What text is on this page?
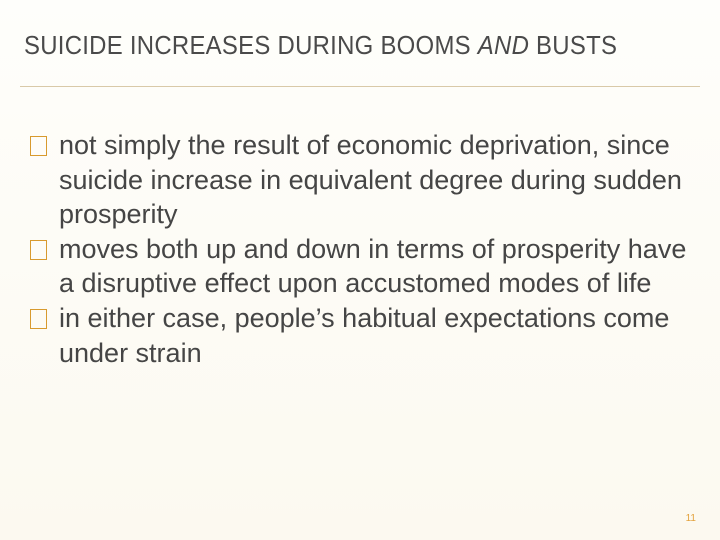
SUICIDE INCREASES DURING BOOMS AND BUSTS
not simply the result of economic deprivation, since suicide increase in equivalent degree during sudden prosperity
moves both up and down in terms of prosperity have a disruptive effect upon accustomed modes of life
in either case, people’s habitual expectations come under strain
11
